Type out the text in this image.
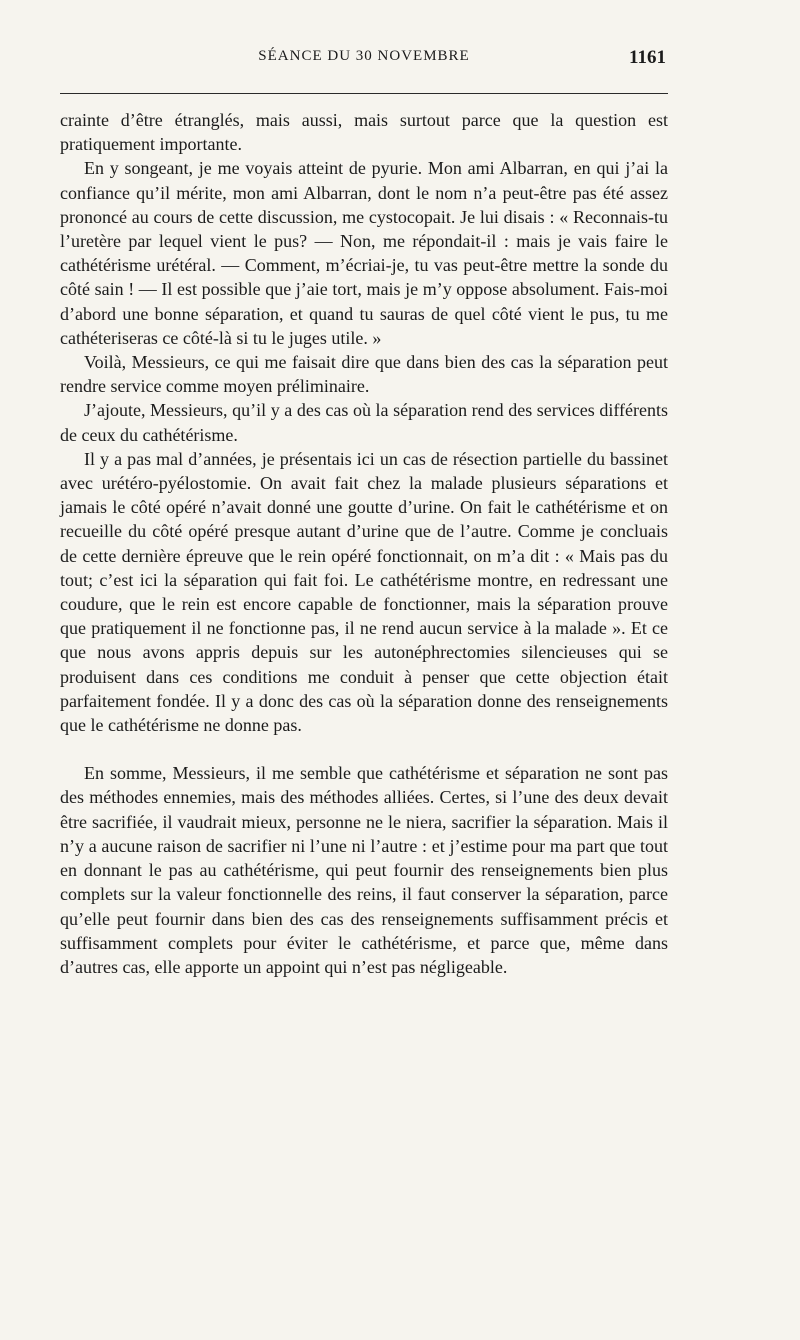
SÉANCE DU 30 NOVEMBRE	1161

crainte d’être étranglés, mais aussi, mais surtout parce que la question est pratiquement importante.

En y songeant, je me voyais atteint de pyurie. Mon ami Albarran, en qui j’ai la confiance qu’il mérite, mon ami Albarran, dont le nom n’a peut-être pas été assez prononcé au cours de cette discussion, me cystocopait. Je lui disais : « Reconnais-tu l’uretère par lequel vient le pus? — Non, me répondait-il : mais je vais faire le cathétérisme urétéral. — Comment, m’écriai-je, tu vas peut-être mettre la sonde du côté sain ! — Il est possible que j’aie tort, mais je m’y oppose absolument. Fais-moi d’abord une bonne séparation, et quand tu sauras de quel côté vient le pus, tu me cathéteriseras ce côté-là si tu le juges utile. »

Voilà, Messieurs, ce qui me faisait dire que dans bien des cas la séparation peut rendre service comme moyen préliminaire.

J’ajoute, Messieurs, qu’il y a des cas où la séparation rend des services différents de ceux du cathétérisme.

Il y a pas mal d’années, je présentais ici un cas de résection partielle du bassinet avec urétéro-pyélostomie. On avait fait chez la malade plusieurs séparations et jamais le côté opéré n’avait donné une goutte d’urine. On fait le cathétérisme et on recueille du côté opéré presque autant d’urine que de l’autre. Comme je concluais de cette dernière épreuve que le rein opéré fonctionnait, on m’a dit : « Mais pas du tout; c’est ici la séparation qui fait foi. Le cathétérisme montre, en redressant une coudure, que le rein est encore capable de fonctionner, mais la séparation prouve que pratiquement il ne fonctionne pas, il ne rend aucun service à la malade ». Et ce que nous avons appris depuis sur les autonéphrectomies silencieuses qui se produisent dans ces conditions me conduit à penser que cette objection était parfaitement fondée. Il y a donc des cas où la séparation donne des renseignements que le cathétérisme ne donne pas.

En somme, Messieurs, il me semble que cathétérisme et séparation ne sont pas des méthodes ennemies, mais des méthodes alliées. Certes, si l’une des deux devait être sacrifiée, il vaudrait mieux, personne ne le niera, sacrifier la séparation. Mais il n’y a aucune raison de sacrifier ni l’une ni l’autre : et j’estime pour ma part que tout en donnant le pas au cathétérisme, qui peut fournir des renseignements bien plus complets sur la valeur fonctionnelle des reins, il faut conserver la séparation, parce qu’elle peut fournir dans bien des cas des renseignements suffisamment précis et suffisamment complets pour éviter le cathétérisme, et parce que, même dans d’autres cas, elle apporte un appoint qui n’est pas négligeable.
